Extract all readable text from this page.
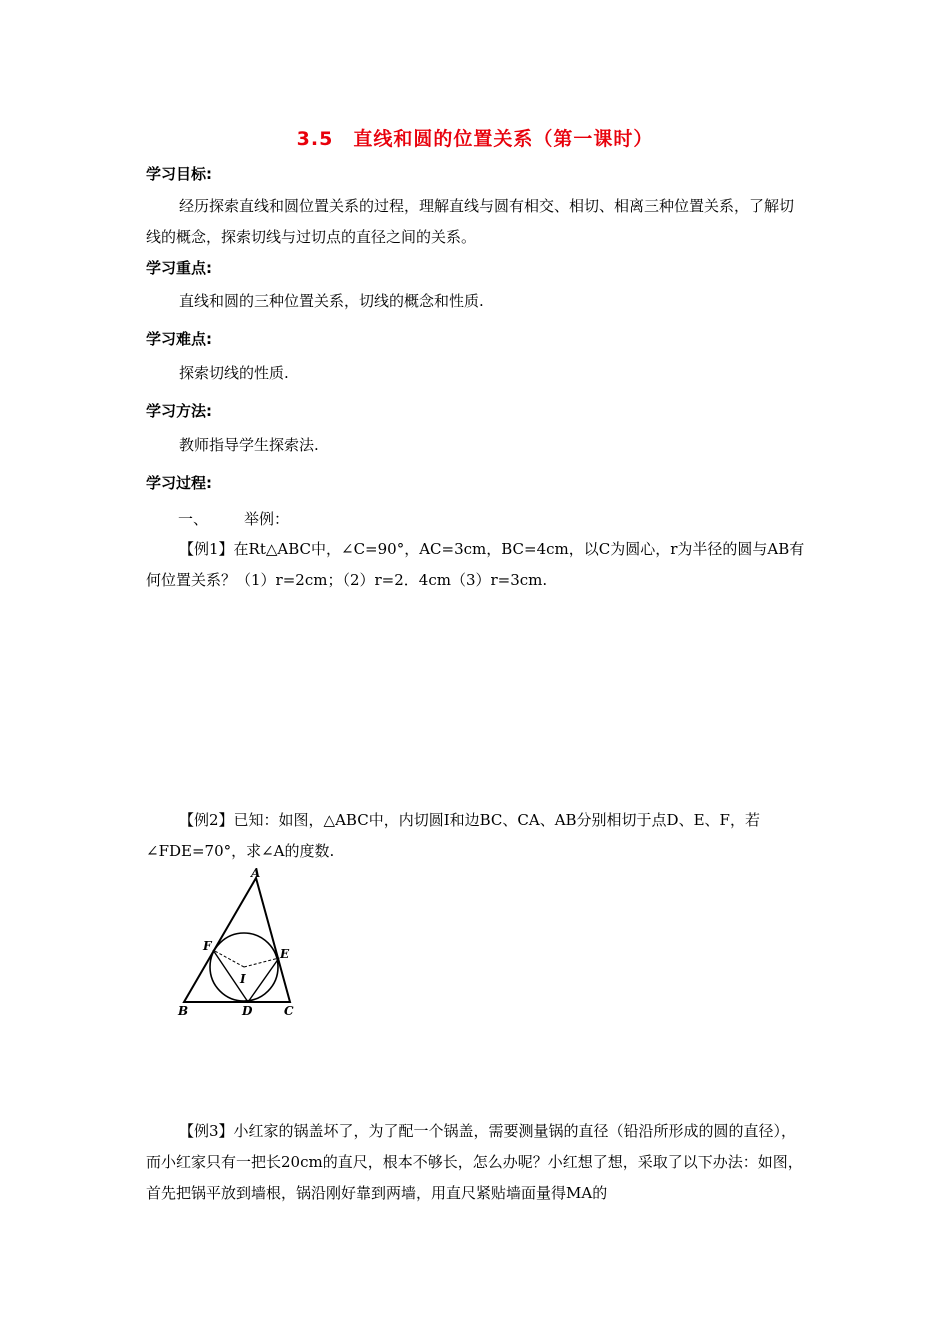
3.5　直线和圆的位置关系（第一课时）
学习目标:
经历探索直线和圆位置关系的过程，理解直线与圆有相交、相切、相离三种位置关系，了解切线的概念，探索切线与过切点的直径之间的关系。
学习重点:
直线和圆的三种位置关系，切线的概念和性质.
学习难点:
探索切线的性质.
学习方法:
教师指导学生探索法.
学习过程:
一、 举例：
【例1】在Rt△ABC中，∠C=90°，AC=3cm，BC=4cm，以C为圆心，r为半径的圆与AB有何位置关系？（1）r=2cm；（2）r=2．4cm（3）r=3cm.
【例2】已知：如图，△ABC中，内切圆I和边BC、CA、AB分别相切于点D、E、F，若∠FDE=70°，求∠A的度数.
A
B	C
D
E
F
I
【例3】小红家的锅盖坏了，为了配一个锅盖，需要测量锅的直径（铅沿所形成的圆的直径），而小红家只有一把长20cm的直尺，根本不够长，怎么办呢？小红想了想，采取了以下办法：如图，首先把锅平放到墙根，锅沿刚好靠到两墙，用直尺紧贴墙面量得MA的
